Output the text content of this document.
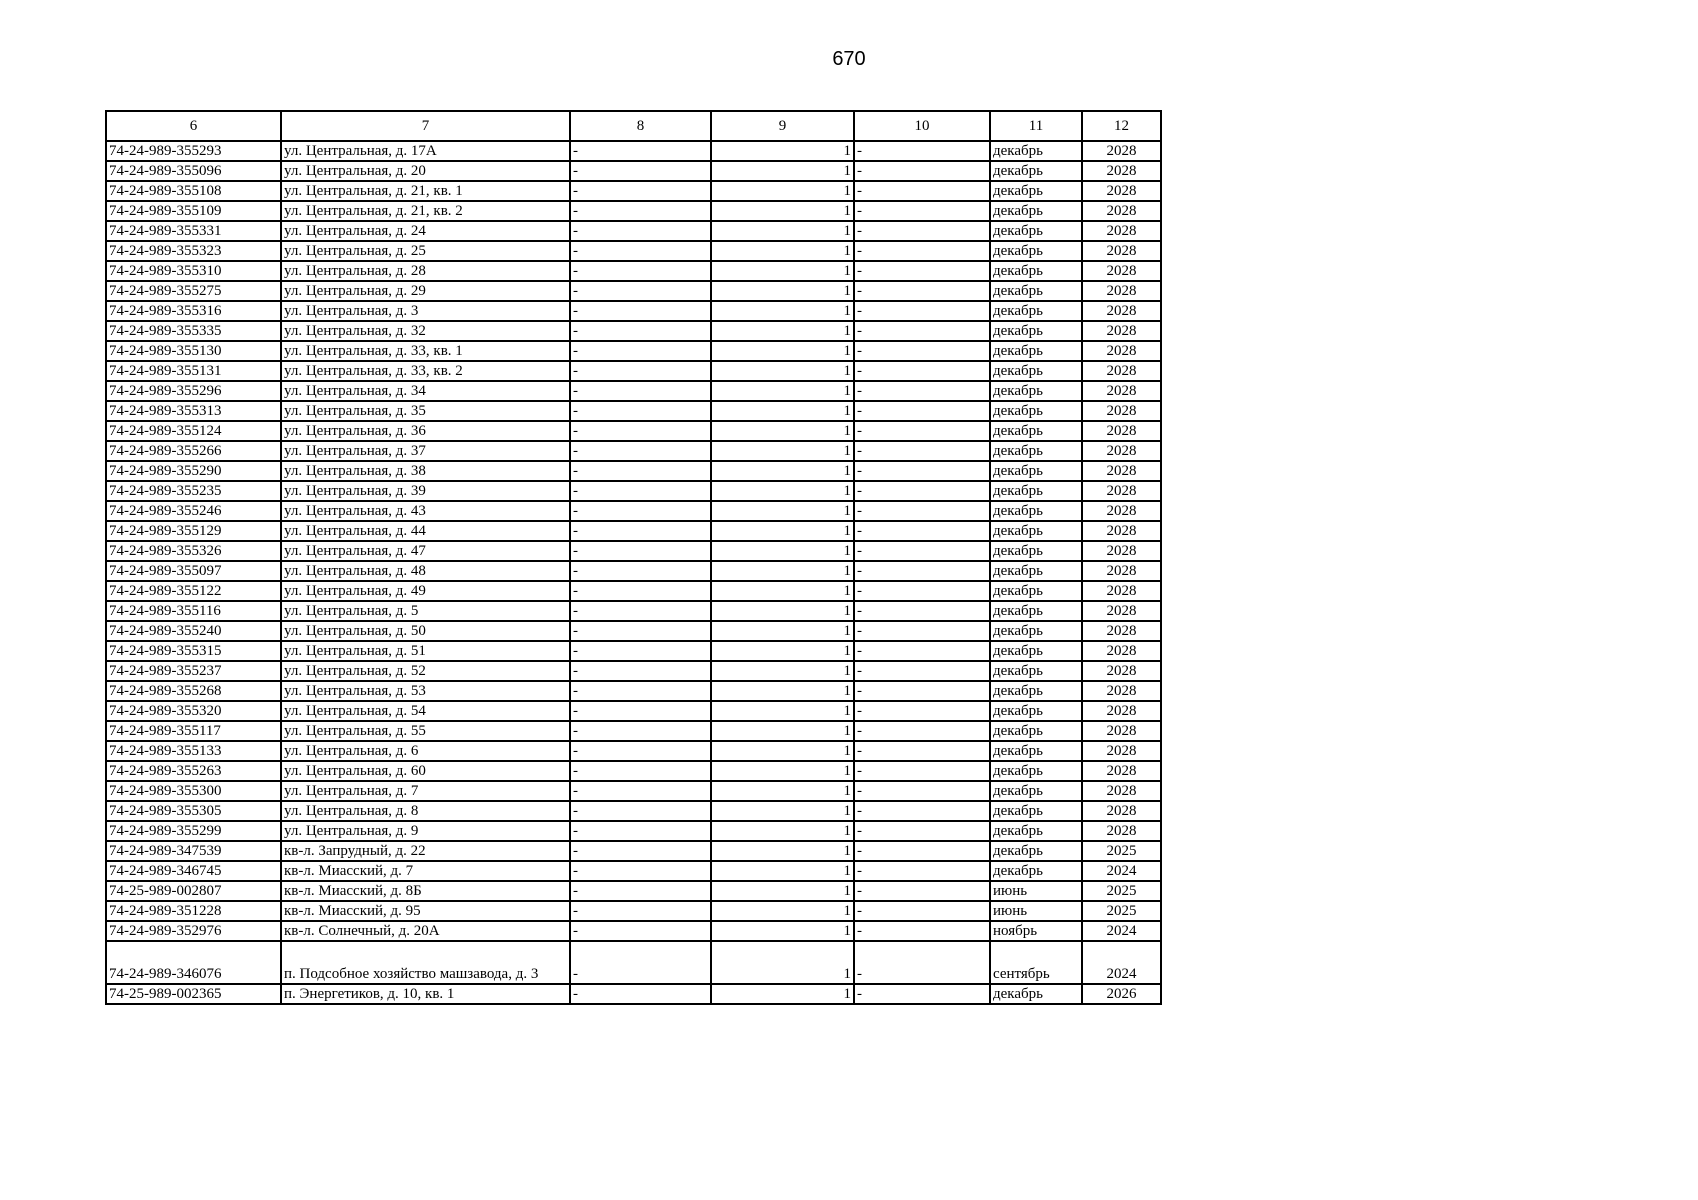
670
6	7	8	9	10	11	12
74-24-989-355293	ул. Центральная, д. 17А	-	1	-	декабрь	2028
74-24-989-355096	ул. Центральная, д. 20	-	1	-	декабрь	2028
74-24-989-355108	ул. Центральная, д. 21, кв. 1	-	1	-	декабрь	2028
74-24-989-355109	ул. Центральная, д. 21, кв. 2	-	1	-	декабрь	2028
74-24-989-355331	ул. Центральная, д. 24	-	1	-	декабрь	2028
74-24-989-355323	ул. Центральная, д. 25	-	1	-	декабрь	2028
74-24-989-355310	ул. Центральная, д. 28	-	1	-	декабрь	2028
74-24-989-355275	ул. Центральная, д. 29	-	1	-	декабрь	2028
74-24-989-355316	ул. Центральная, д. 3	-	1	-	декабрь	2028
74-24-989-355335	ул. Центральная, д. 32	-	1	-	декабрь	2028
74-24-989-355130	ул. Центральная, д. 33, кв. 1	-	1	-	декабрь	2028
74-24-989-355131	ул. Центральная, д. 33, кв. 2	-	1	-	декабрь	2028
74-24-989-355296	ул. Центральная, д. 34	-	1	-	декабрь	2028
74-24-989-355313	ул. Центральная, д. 35	-	1	-	декабрь	2028
74-24-989-355124	ул. Центральная, д. 36	-	1	-	декабрь	2028
74-24-989-355266	ул. Центральная, д. 37	-	1	-	декабрь	2028
74-24-989-355290	ул. Центральная, д. 38	-	1	-	декабрь	2028
74-24-989-355235	ул. Центральная, д. 39	-	1	-	декабрь	2028
74-24-989-355246	ул. Центральная, д. 43	-	1	-	декабрь	2028
74-24-989-355129	ул. Центральная, д. 44	-	1	-	декабрь	2028
74-24-989-355326	ул. Центральная, д. 47	-	1	-	декабрь	2028
74-24-989-355097	ул. Центральная, д. 48	-	1	-	декабрь	2028
74-24-989-355122	ул. Центральная, д. 49	-	1	-	декабрь	2028
74-24-989-355116	ул. Центральная, д. 5	-	1	-	декабрь	2028
74-24-989-355240	ул. Центральная, д. 50	-	1	-	декабрь	2028
74-24-989-355315	ул. Центральная, д. 51	-	1	-	декабрь	2028
74-24-989-355237	ул. Центральная, д. 52	-	1	-	декабрь	2028
74-24-989-355268	ул. Центральная, д. 53	-	1	-	декабрь	2028
74-24-989-355320	ул. Центральная, д. 54	-	1	-	декабрь	2028
74-24-989-355117	ул. Центральная, д. 55	-	1	-	декабрь	2028
74-24-989-355133	ул. Центральная, д. 6	-	1	-	декабрь	2028
74-24-989-355263	ул. Центральная, д. 60	-	1	-	декабрь	2028
74-24-989-355300	ул. Центральная, д. 7	-	1	-	декабрь	2028
74-24-989-355305	ул. Центральная, д. 8	-	1	-	декабрь	2028
74-24-989-355299	ул. Центральная, д. 9	-	1	-	декабрь	2028
74-24-989-347539	кв-л. Запрудный, д. 22	-	1	-	декабрь	2025
74-24-989-346745	кв-л. Миасский, д. 7	-	1	-	декабрь	2024
74-25-989-002807	кв-л. Миасский, д. 8Б	-	1	-	июнь	2025
74-24-989-351228	кв-л. Миасский, д. 95	-	1	-	июнь	2025
74-24-989-352976	кв-л. Солнечный, д. 20А	-	1	-	ноябрь	2024
74-24-989-346076	п. Подсобное хозяйство машзавода, д. 3	-	1	-	сентябрь	2024
74-25-989-002365	п. Энергетиков, д. 10, кв. 1	-	1	-	декабрь	2026
